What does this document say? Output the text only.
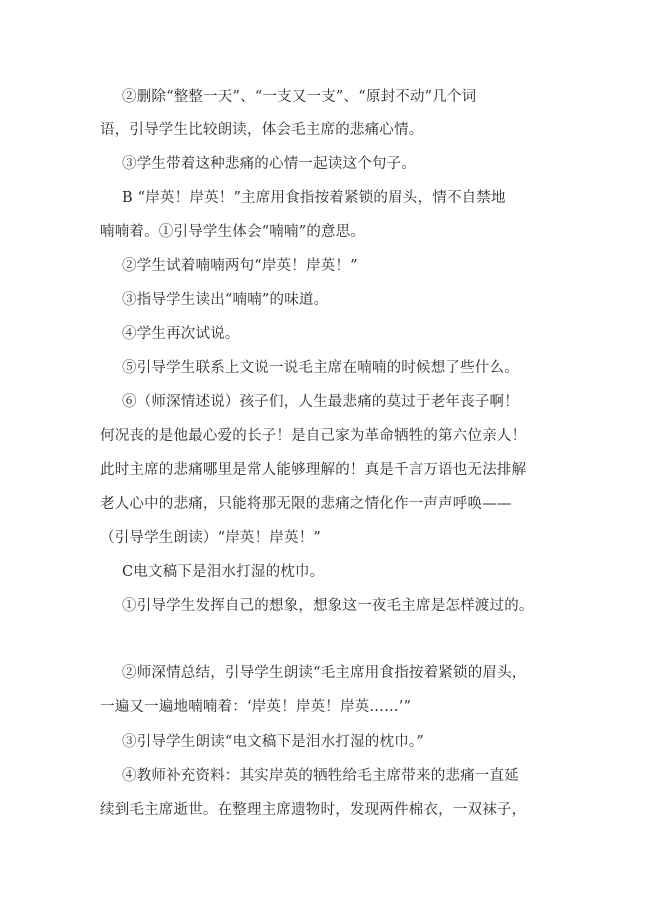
②删除“整整一天”、“一支又一支”、“原封不动”几个词
语，引导学生比较朗读，体会毛主席的悲痛心情。
③学生带着这种悲痛的心情一起读这个句子。
B “岸英！岸英！”主席用食指按着紧锁的眉头，情不自禁地
喃喃着。①引导学生体会“喃喃”的意思。
②学生试着喃喃两句“岸英！岸英！”
③指导学生读出“喃喃”的味道。
④学生再次试说。
⑤引导学生联系上文说一说毛主席在喃喃的时候想了些什么。
⑥（师深情述说）孩子们，人生最悲痛的莫过于老年丧子啊！
何况丧的是他最心爱的长子！是自己家为革命牺牲的第六位亲人！
此时主席的悲痛哪里是常人能够理解的！真是千言万语也无法排解
老人心中的悲痛，只能将那无限的悲痛之情化作一声声呼唤——
（引导学生朗读）“岸英！岸英！”
C电文稿下是泪水打湿的枕巾。
①引导学生发挥自己的想象，想象这一夜毛主席是怎样渡过的。
②师深情总结，引导学生朗读“毛主席用食指按着紧锁的眉头，
一遍又一遍地喃喃着：‘岸英！岸英！岸英……’”
③引导学生朗读“电文稿下是泪水打湿的枕巾。”
④教师补充资料：其实岸英的牺牲给毛主席带来的悲痛一直延
续到毛主席逝世。在整理主席遗物时，发现两件棉衣，一双袜子，
